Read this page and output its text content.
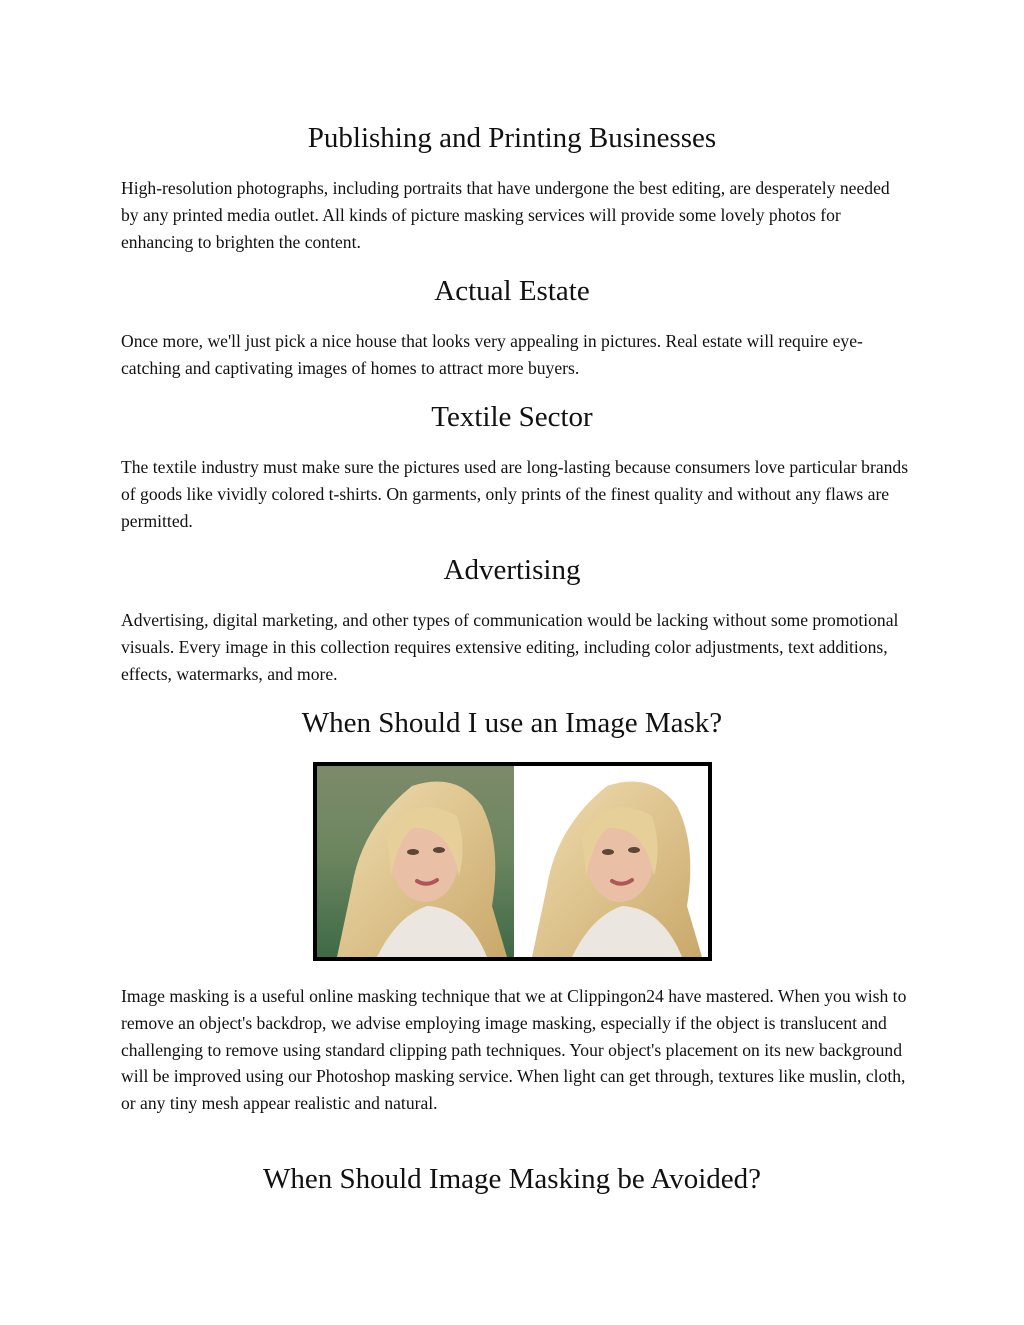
Publishing and Printing Businesses

High-resolution photographs, including portraits that have undergone the best editing, are desperately needed by any printed media outlet. All kinds of picture masking services will provide some lovely photos for enhancing to brighten the content.

Actual Estate

Once more, we'll just pick a nice house that looks very appealing in pictures. Real estate will require eye-catching and captivating images of homes to attract more buyers.

Textile Sector

The textile industry must make sure the pictures used are long-lasting because consumers love particular brands of goods like vividly colored t-shirts. On garments, only prints of the finest quality and without any flaws are permitted.

Advertising

Advertising, digital marketing, and other types of communication would be lacking without some promotional visuals. Every image in this collection requires extensive editing, including color adjustments, text additions, effects, watermarks, and more.

When Should I use an Image Mask?

Image masking is a useful online masking technique that we at Clippingon24 have mastered. When you wish to remove an object's backdrop, we advise employing image masking, especially if the object is translucent and challenging to remove using standard clipping path techniques. Your object's placement on its new background will be improved using our Photoshop masking service. When light can get through, textures like muslin, cloth, or any tiny mesh appear realistic and natural.

When Should Image Masking be Avoided?
